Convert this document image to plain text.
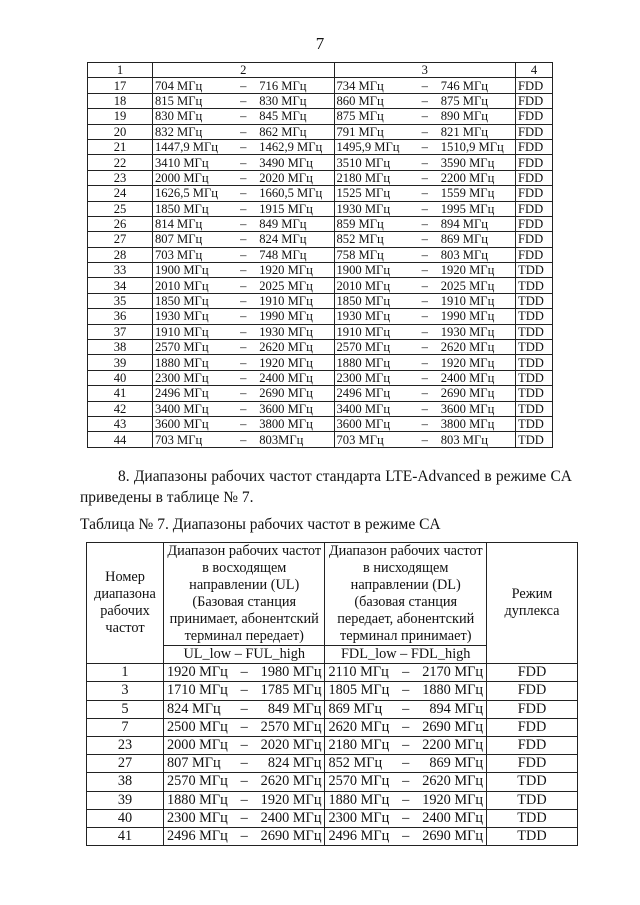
7
1	2			3			4
17	704 МГц	–	716 МГц	734 МГц	–	746 МГц	FDD
18	815 МГц	–	830 МГц	860 МГц	–	875 МГц	FDD
19	830 МГц	–	845 МГц	875 МГц	–	890 МГц	FDD
20	832 МГц	–	862 МГц	791 МГц	–	821 МГц	FDD
21	1447,9 МГц	–	1462,9 МГц	1495,9 МГц	–	1510,9 МГц	FDD
22	3410 МГц	–	3490 МГц	3510 МГц	–	3590 МГц	FDD
23	2000 МГц	–	2020 МГц	2180 МГц	–	2200 МГц	FDD
24	1626,5 МГц	–	1660,5 МГц	1525 МГц	–	1559 МГц	FDD
25	1850 МГц	–	1915 МГц	1930 МГц	–	1995 МГц	FDD
26	814 МГц	–	849 МГц	859 МГц	–	894 МГц	FDD
27	807 МГц	–	824 МГц	852 МГц	–	869 МГц	FDD
28	703 МГц	–	748 МГц	758 МГц	–	803 МГц	FDD
33	1900 МГц	–	1920 МГц	1900 МГц	–	1920 МГц	TDD
34	2010 МГц	–	2025 МГц	2010 МГц	–	2025 МГц	TDD
35	1850 МГц	–	1910 МГц	1850 МГц	–	1910 МГц	TDD
36	1930 МГц	–	1990 МГц	1930 МГц	–	1990 МГц	TDD
37	1910 МГц	–	1930 МГц	1910 МГц	–	1930 МГц	TDD
38	2570 МГц	–	2620 МГц	2570 МГц	–	2620 МГц	TDD
39	1880 МГц	–	1920 МГц	1880 МГц	–	1920 МГц	TDD
40	2300 МГц	–	2400 МГц	2300 МГц	–	2400 МГц	TDD
41	2496 МГц	–	2690 МГц	2496 МГц	–	2690 МГц	TDD
42	3400 МГц	–	3600 МГц	3400 МГц	–	3600 МГц	TDD
43	3600 МГц	–	3800 МГц	3600 МГц	–	3800 МГц	TDD
44	703 МГц	–	803МГц	703 МГц	–	803 МГц	TDD
8. Диапазоны рабочих частот стандарта LTE-Advanced в режиме CA приведены в таблице № 7.
Таблица № 7. Диапазоны рабочих частот в режиме CA
Номер диапазона рабочих частот	Диапазон рабочих частот в восходящем направлении (UL) (Базовая станция принимает, абонентский терминал передает)			Диапазон рабочих частот в нисходящем направлении (DL) (базовая станция передает, абонентский терминал принимает)			Режим дуплекса
	UL_low – FUL_high			FDL_low – FDL_high			
1	1920 МГц	–	1980 МГц	2110 МГц	–	2170 МГц	FDD
3	1710 МГц	–	1785 МГц	1805 МГц	–	1880 МГц	FDD
5	824 МГц	–	849 МГц	869 МГц	–	894 МГц	FDD
7	2500 МГц	–	2570 МГц	2620 МГц	–	2690 МГц	FDD
23	2000 МГц	–	2020 МГц	2180 МГц	–	2200 МГц	FDD
27	807 МГц	–	824 МГц	852 МГц	–	869 МГц	FDD
38	2570 МГц	–	2620 МГц	2570 МГц	–	2620 МГц	TDD
39	1880 МГц	–	1920 МГц	1880 МГц	–	1920 МГц	TDD
40	2300 МГц	–	2400 МГц	2300 МГц	–	2400 МГц	TDD
41	2496 МГц	–	2690 МГц	2496 МГц	–	2690 МГц	TDD
